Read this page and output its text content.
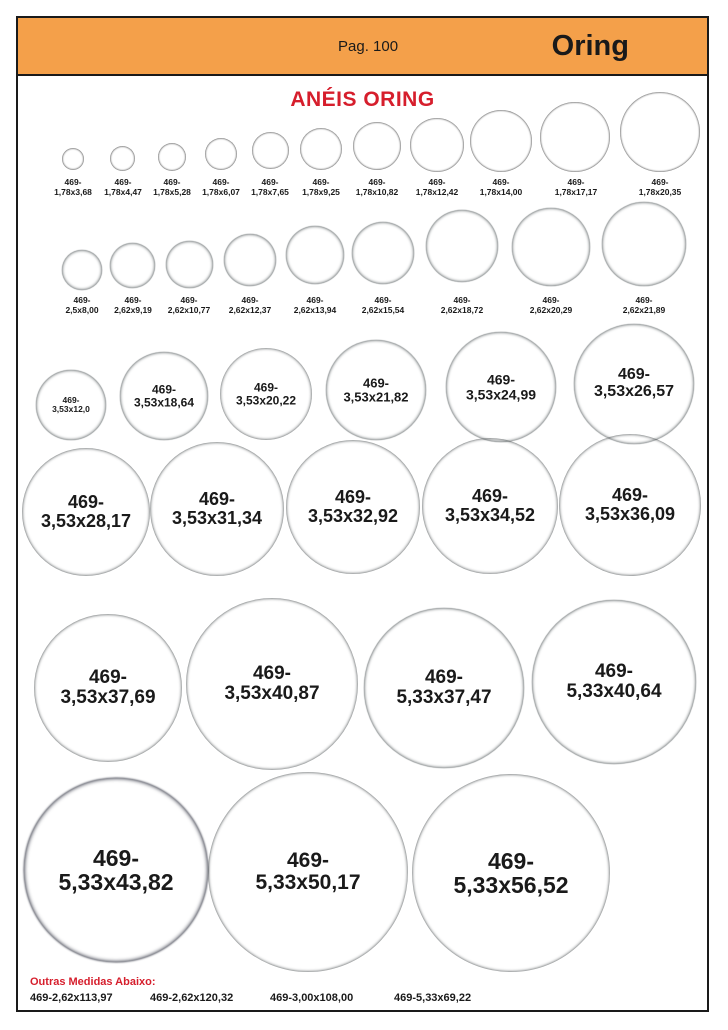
Pag. 100	Oring
ANÉIS ORING
469-
1,78x3,68
469-
1,78x4,47
469-
1,78x5,28
469-
1,78x6,07
469-
1,78x7,65
469-
1,78x9,25
469-
1,78x10,82
469-
1,78x12,42
469-
1,78x14,00
469-
1,78x17,17
469-
1,78x20,35
469-
2,5x8,00
469-
2,62x9,19
469-
2,62x10,77
469-
2,62x12,37
469-
2,62x13,94
469-
2,62x15,54
469-
2,62x18,72
469-
2,62x20,29
469-
2,62x21,89
469-
3,53x12,0
469-
3,53x18,64
469-
3,53x20,22
469-
3,53x21,82
469-
3,53x24,99
469-
3,53x26,57
469-
3,53x28,17
469-
3,53x31,34
469-
3,53x32,92
469-
3,53x34,52
469-
3,53x36,09
469-
3,53x37,69
469-
3,53x40,87
469-
5,33x37,47
469-
5,33x40,64
469-
5,33x43,82
469-
5,33x50,17
469-
5,33x56,52
Outras Medidas Abaixo:
469-2,62x113,97	469-2,62x120,32	469-3,00x108,00	469-5,33x69,22
